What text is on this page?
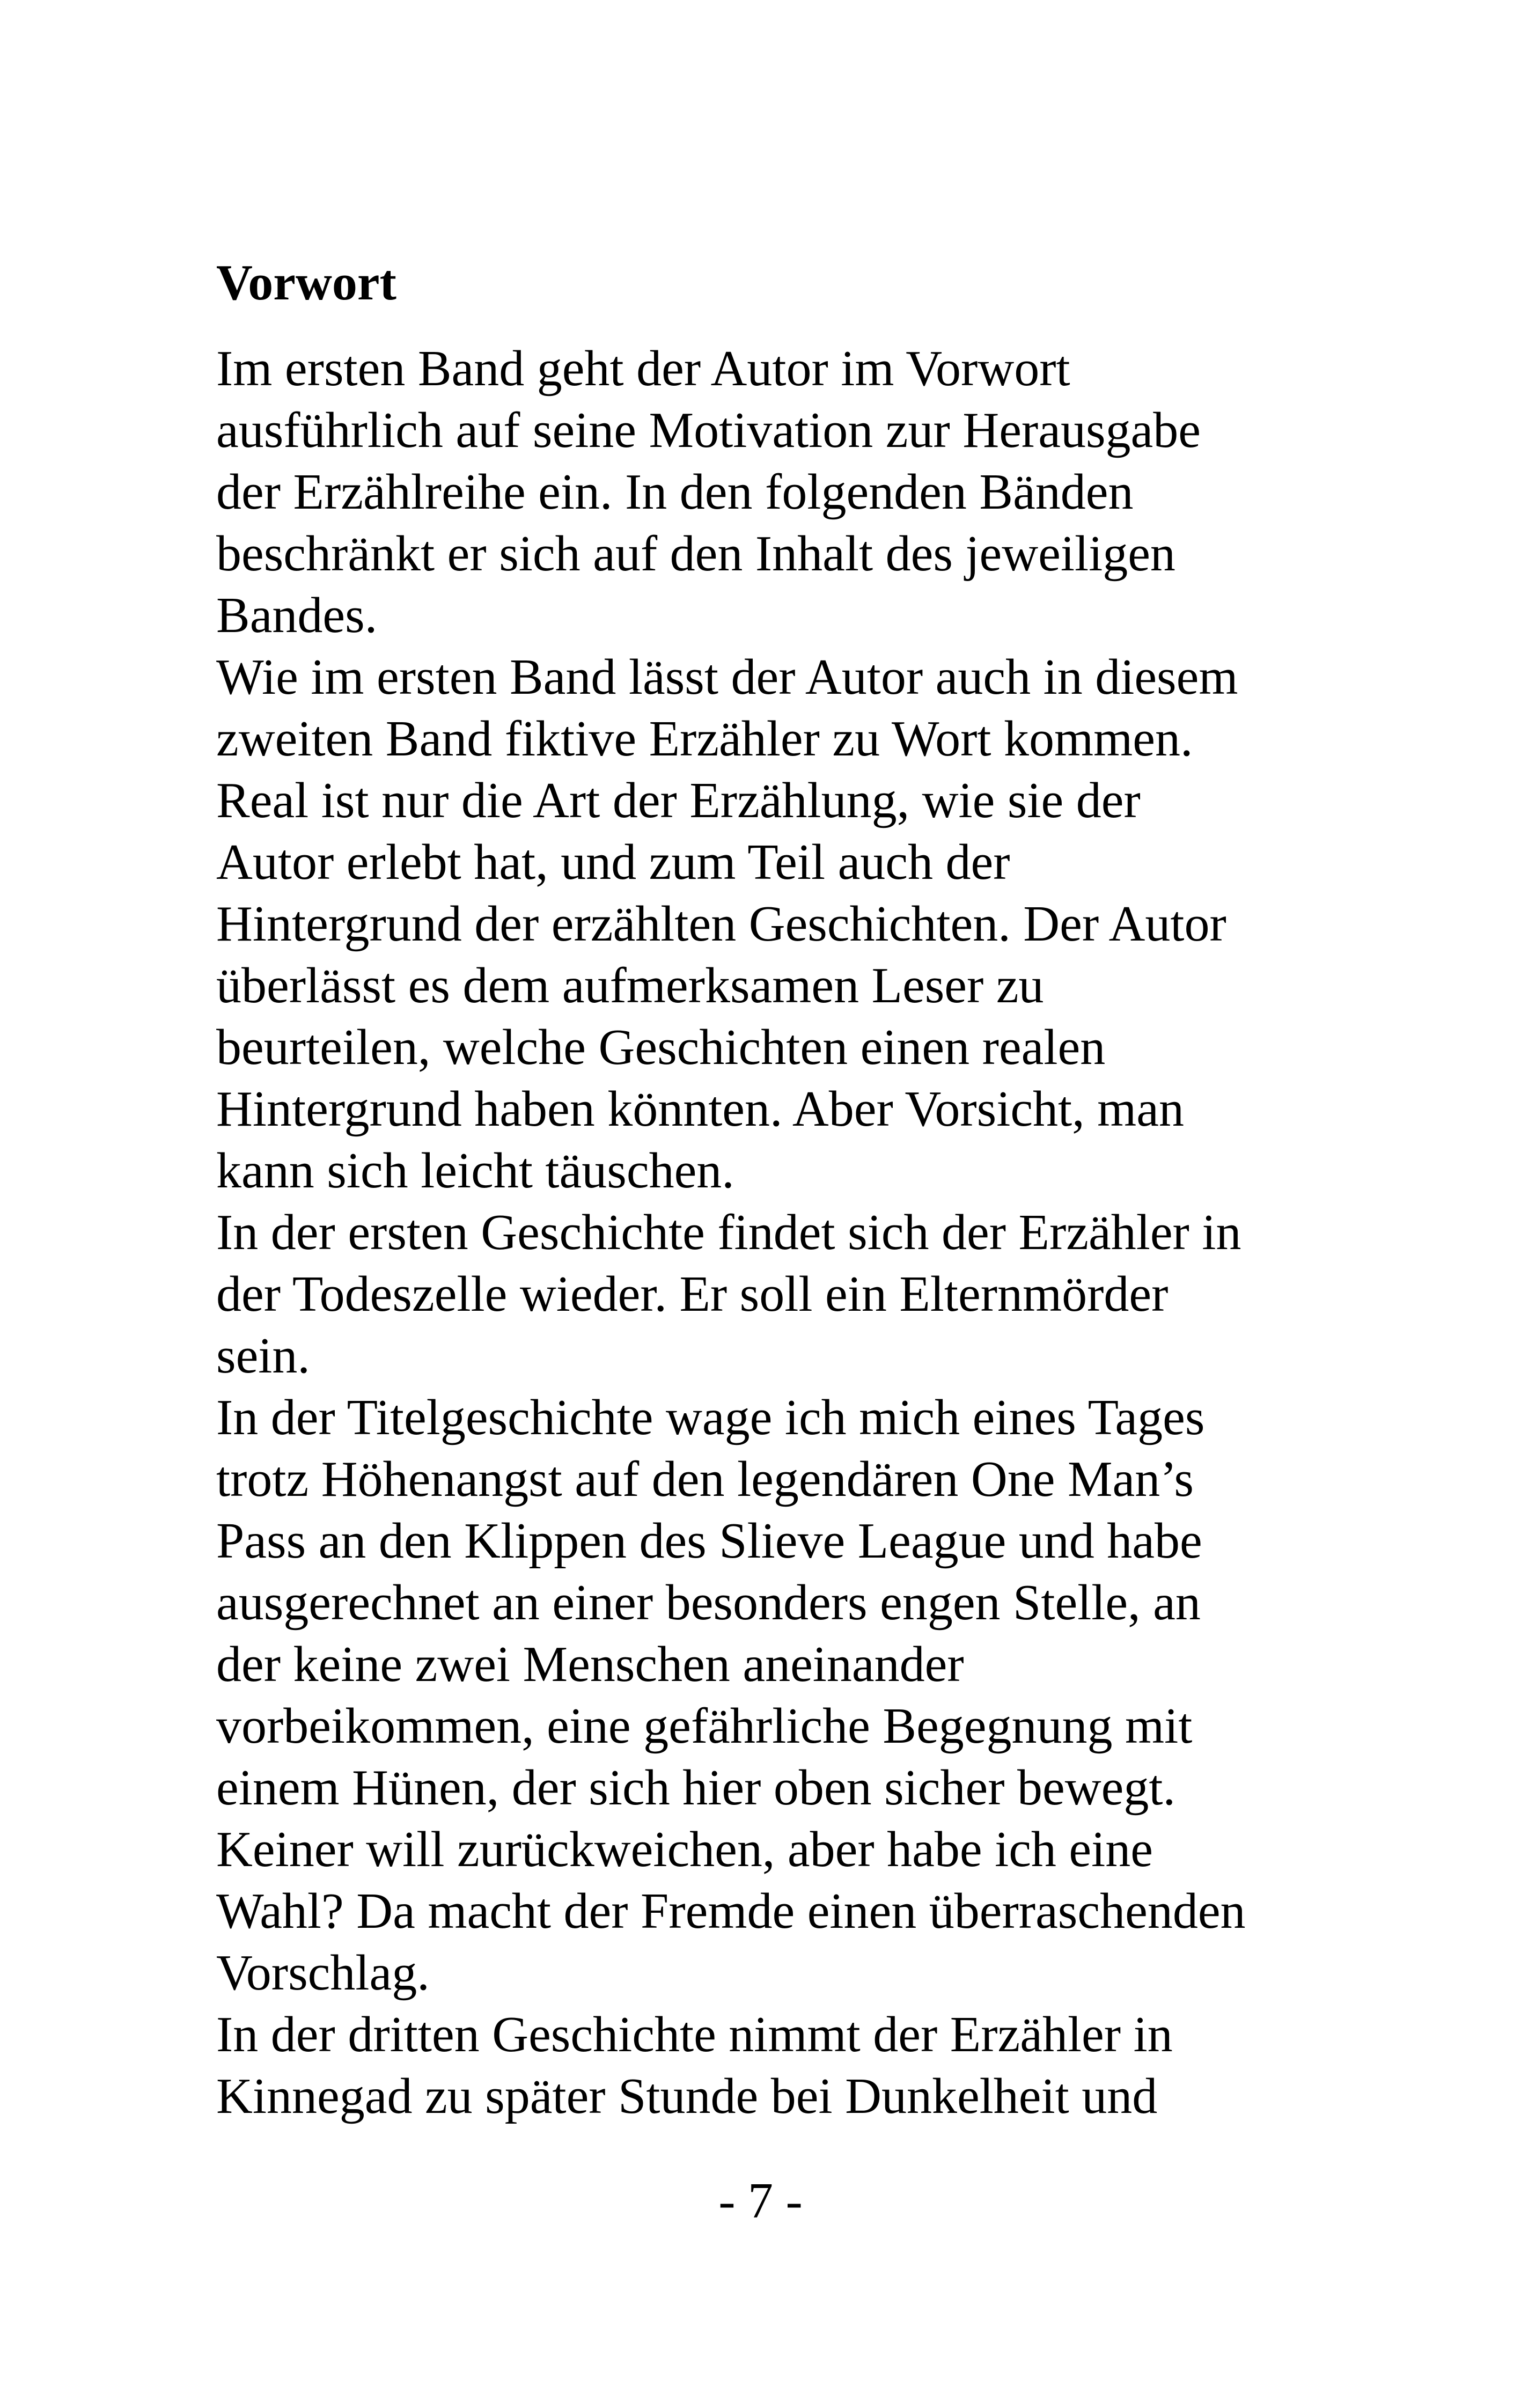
Vorwort
Im ersten Band geht der Autor im Vorwort
ausführlich auf seine Motivation zur Herausgabe
der Erzählreihe ein. In den folgenden Bänden
beschränkt er sich auf den Inhalt des jeweiligen
Bandes.
Wie im ersten Band lässt der Autor auch in diesem
zweiten Band fiktive Erzähler zu Wort kommen.
Real ist nur die Art der Erzählung, wie sie der
Autor erlebt hat, und zum Teil auch der
Hintergrund der erzählten Geschichten. Der Autor
überlässt es dem aufmerksamen Leser zu
beurteilen, welche Geschichten einen realen
Hintergrund haben könnten. Aber Vorsicht, man
kann sich leicht täuschen.
In der ersten Geschichte findet sich der Erzähler in
der Todeszelle wieder. Er soll ein Elternmörder
sein.
In der Titelgeschichte wage ich mich eines Tages
trotz Höhenangst auf den legendären One Man’s
Pass an den Klippen des Slieve League und habe
ausgerechnet an einer besonders engen Stelle, an
der keine zwei Menschen aneinander
vorbeikommen, eine gefährliche Begegnung mit
einem Hünen, der sich hier oben sicher bewegt.
Keiner will zurückweichen, aber habe ich eine
Wahl? Da macht der Fremde einen überraschenden
Vorschlag.
In der dritten Geschichte nimmt der Erzähler in
Kinnegad zu später Stunde bei Dunkelheit und
- 7 -
